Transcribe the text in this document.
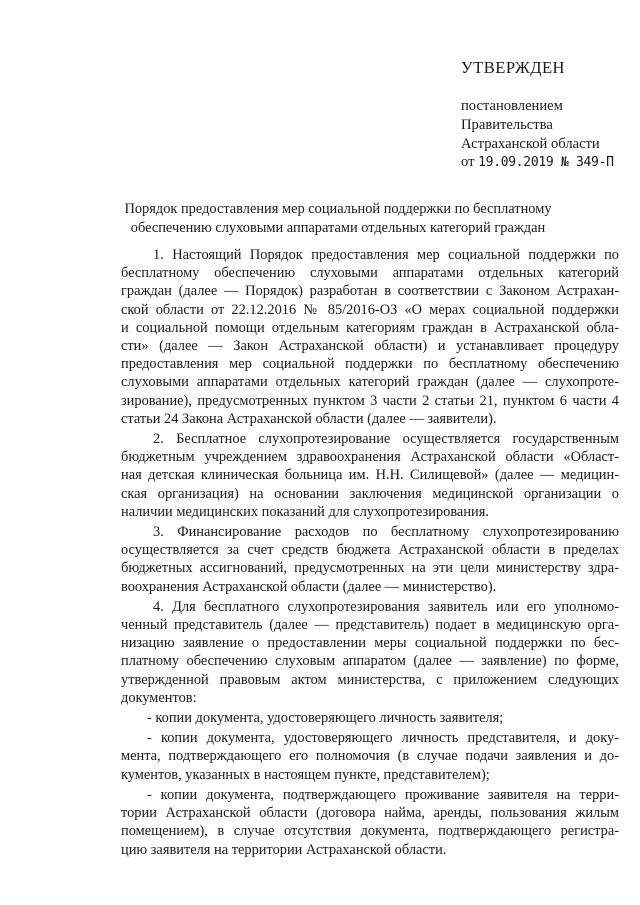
УТВЕРЖДЕН
постановлением
Правительства
Астраханской области
от 19.09.2019 № 349-П
Порядок предоставления мер социальной поддержки по бесплатному
обеспечению слуховыми аппаратами отдельных категорий граждан
1. Настоящий Порядок предоставления мер социальной поддержки по
бесплатному обеспечению слуховыми аппаратами отдельных категорий
граждан (далее — Порядок) разработан в соответствии с Законом Астрахан-
ской области от 22.12.2016 № 85/2016-ОЗ «О мерах социальной поддержки
и социальной помощи отдельным категориям граждан в Астраханской обла-
сти» (далее — Закон Астраханской области) и устанавливает процедуру
предоставления мер социальной поддержки по бесплатному обеспечению
слуховыми аппаратами отдельных категорий граждан (далее — слухопроте-
зирование), предусмотренных пунктом 3 части 2 статьи 21, пунктом 6 части 4
статьи 24 Закона Астраханской области (далее — заявители).
2. Бесплатное слухопротезирование осуществляется государственным
бюджетным учреждением здравоохранения Астраханской области «Област-
ная детская клиническая больница им. Н.Н. Силищевой» (далее — медицин-
ская организация) на основании заключения медицинской организации о
наличии медицинских показаний для слухопротезирования.
3. Финансирование расходов по бесплатному слухопротезированию
осуществляется за счет средств бюджета Астраханской области в пределах
бюджетных ассигнований, предусмотренных на эти цели министерству здра-
воохранения Астраханской области (далее — министерство).
4. Для бесплатного слухопротезирования заявитель или его уполномо-
ченный представитель (далее — представитель) подает в медицинскую орга-
низацию заявление о предоставлении меры социальной поддержки по бес-
платному обеспечению слуховым аппаратом (далее — заявление) по форме,
утвержденной правовым актом министерства, с приложением следующих
документов:
- копии документа, удостоверяющего личность заявителя;
- копии документа, удостоверяющего личность представителя, и доку-
мента, подтверждающего его полномочия (в случае подачи заявления и до-
кументов, указанных в настоящем пункте, представителем);
- копии документа, подтверждающего проживание заявителя на терри-
тории Астраханской области (договора найма, аренды, пользования жилым
помещением), в случае отсутствия документа, подтверждающего регистра-
цию заявителя на территории Астраханской области.
